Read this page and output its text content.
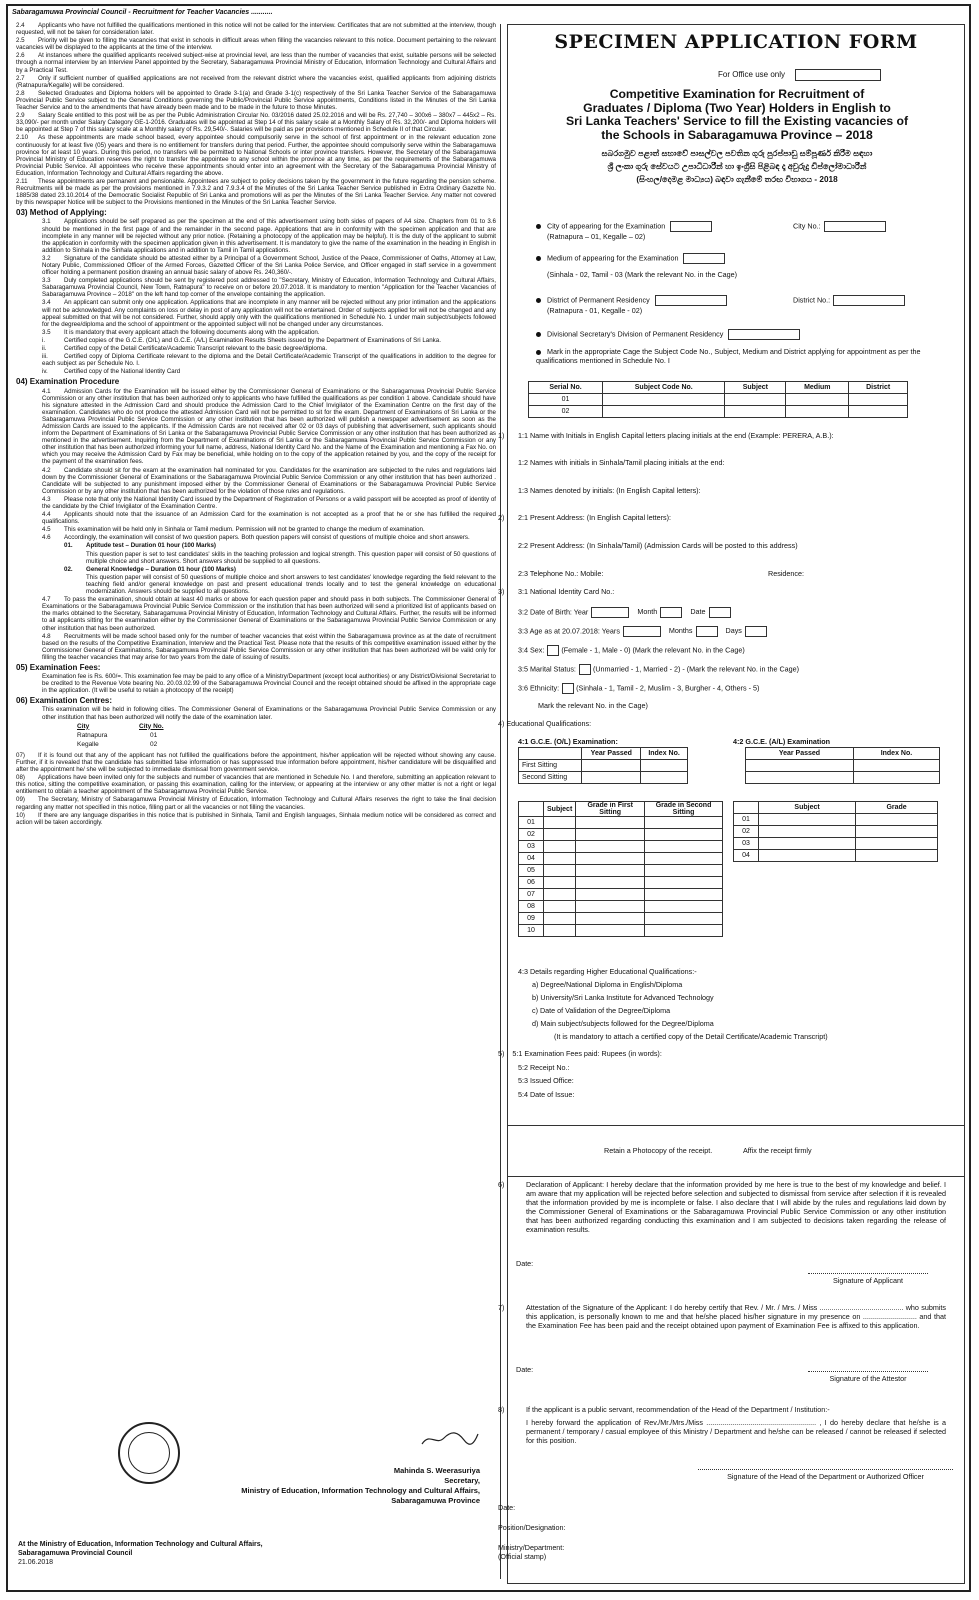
Sabaragamuwa Provincial Council - Recruitment for Teacher Vacancies ...........

2.4 Applicants who have not fulfilled the qualifications mentioned in this notice will not be called for the interview. Certificates that are not submitted at the interview, though requested, will not be taken for consideration later.

2.5 Priority will be given to filling the vacancies that exist in schools in difficult areas when filling the vacancies relevant to this notice. Document pertaining to the relevant vacancies will be displayed to the applicants at the time of the interview.

2.6 At instances where the qualified applicants received subject-wise at provincial level, are less than the number of vacancies that exist, suitable persons will be selected through a normal interview by an Interview Panel appointed by the Secretary, Sabaragamuwa Provincial Ministry of Education, Information Technology and Cultural Affairs and by a Practical Test.

2.7 Only if sufficient number of qualified applications are not received from the relevant district where the vacancies exist, qualified applicants from adjoining districts (Ratnapura/Kegalle) will be considered.

2.8 Selected Graduates and Diploma holders will be appointed to Grade 3-1(a) and Grade 3-1(c) respectively of the Sri Lanka Teacher Service of the Sabaragamuwa Provincial Public Service subject to the General Conditions governing the Public/Provincial Public Service appointments, Conditions listed in the Minutes of the Sri Lanka Teacher Service and to the amendments that have already been made and to be made in the future to those Minutes.

2.9 Salary Scale entitled to this post will be as per the Public Administration Circular No. 03/2016 dated 25.02.2016 and will be Rs. 27,740 – 300x6 – 380x7 – 445x2 – Rs. 33,090/- per month under Salary Category GE-1-2016. Graduates will be appointed at Step 14 of this salary scale at a Monthly Salary of Rs. 32,200/- and Diploma holders will be appointed at Step 7 of this salary scale at a Monthly salary of Rs. 29,540/-. Salaries will be paid as per provisions mentioned in Schedule II of that Circular.

2.10 As these appointments are made school based, every appointee should compulsorily serve in the school of first appointment or in the relevant education zone continuously for at least five (05) years and there is no entitlement for transfers during that period. Further, the appointee should compulsorily serve within the Sabaragamuwa province for at least 10 years. During this period, no transfers will be permitted to National Schools or inter province transfers. However, the Secretary of the Sabaragamuwa Provincial Ministry of Education reserves the right to transfer the appointee to any school within the province at any time, as per the requirements of the Sabaragamuwa Provincial Public Service. All appointees who receive these appointments should enter into an agreement with the Secretary of the Sabaragamuwa Provincial Ministry of Education, Information Technology and Cultural Affairs regarding the above.

2.11 These appointments are permanent and pensionable. Appointees are subject to policy decisions taken by the government in the future regarding the pension scheme. Recruitments will be made as per the provisions mentioned in 7.9.3.2 and 7.9.3.4 of the Minutes of the Sri Lanka Teacher Service published in Extra Ordinary Gazette No. 1885/38 dated 23.10.2014 of the Democratic Socialist Republic of Sri Lanka and promotions will as per the Minutes of the Sri Lanka Teacher Service. Any matter not covered by this newspaper Notice will be subject to the Provisions mentioned in the Minutes of the Sri Lanka Teacher Service.

03) Method of Applying:

3.1 Applications should be self prepared as per the specimen at the end of this advertisement using both sides of papers of A4 size. Chapters from 01 to 3.6 should be mentioned in the first page of and the remainder in the second page. Applications that are in conformity with the specimen application and that are incomplete in any manner will be rejected without any prior notice. (Retaining a photocopy of the application may be helpful). It is the duty of the applicant to submit the application in conformity with the specimen application given in this advertisement. It is mandatory to give the name of the examination in the heading in English in addition to Sinhala in the Sinhala applications and in addition to Tamil in Tamil applications.

3.2 Signature of the candidate should be attested either by a Principal of a Government School, Justice of the Peace, Commissioner of Oaths, Attorney at Law, Notary Public, Commissioned Officer of the Armed Forces, Gazetted Officer of the Sri Lanka Police Service, and Officer engaged in staff service in a government officer holding a permanent position drawing an annual basic salary of above Rs. 240,360/-.

3.3 Duly completed applications should be sent by registered post addressed to "Secretary, Ministry of Education, Information Technology and Cultural Affairs, Sabaragamuwa Provincial Council, New Town, Ratnapura" to receive on or before 20.07.2018. It is mandatory to mention "Application for the Teacher Vacancies of Sabaragamuwa Province – 2018" on the left hand top corner of the envelope containing the application.

3.4 An applicant can submit only one application. Applications that are incomplete in any manner will be rejected without any prior intimation and the applications will not be acknowledged. Any complaints on loss or delay in post of any application will not be entertained. Order of subjects applied for will not be changed and any appeal submitted on that will be not considered. Further, should apply only with the qualifications mentioned in Schedule No. 1 under main subject/subjects followed for the degree/diploma and the school of appointment or the appointed subject will not be changed under any circumstances.

3.5 It is mandatory that every applicant attach the following documents along with the application.

i.	Certified copies of the G.C.E. (O/L) and G.C.E. (A/L) Examination Results Sheets issued by the Department of Examinations of Sri Lanka.

ii.	Certified copy of the Detail Certificate/Academic Transcript relevant to the basic degree/diploma.

iii.	Certified copy of Diploma Certificate relevant to the diploma and the Detail Certificate/Academic Transcript of the qualifications in addition to the degree for each subject as per Schedule No. I.

iv.	Certified copy of the National Identity Card

04) Examination Procedure

4.1 Admission Cards for the Examination will be issued either by the Commissioner General of Examinations or the Sabaragamuwa Provincial Public Service Commission or any other institution that has been authorized only to applicants who have fulfilled the qualifications as per condition 1 above. Candidate should have his signature attested in the Admission Card and should produce the Admission Card to the Chief Invigilator of the Examination Centre on the first day of the examination. Candidates who do not produce the attested Admission Card will not be permitted to sit for the exam. Department of Examinations of Sri Lanka or the Sabaragamuwa Provincial Public Service Commission or any other institution that has been authorized will publish a newspaper advertisement as soon as the Admission Cards are issued to the applicants. If the Admission Cards are not received after 02 or 03 days of publishing that advertisement, such applicants should inform the Department of Examinations of Sri Lanka or the Sabaragamuwa Provincial Public Service Commission or any other institution that has been authorized as mentioned in the advertisement. Inquiring from the Department of Examinations of Sri Lanka or the Sabaragamuwa Provincial Public Service Commission or any other institution that has been authorized informing your full name, address, National Identity Card No. and the Name of the Examination and mentioning a Fax No. on which you may receive the Admission Card by Fax may be beneficial, while holding on to the copy of the application retained by you, and the copy of the receipt for the payment of the examination fees.

4.2 Candidate should sit for the exam at the examination hall nominated for you. Candidates for the examination are subjected to the rules and regulations laid down by the Commissioner General of Examinations or the Sabaragamuwa Provincial Public Service Commission or any other institution that has been authorized . Candidate will be subjected to any punishment imposed either by the Commissioner General of Examinations or the Sabaragamuwa Provincial Public Service Commission or by any other institution that has been authorized for the violation of those rules and regulations.

4.3 Please note that only the National Identity Card issued by the Department of Registration of Persons or a valid passport will be accepted as proof of identity of the candidate by the Chief Invigilator of the Examination Centre.

4.4 Applicants should note that the issuance of an Admission Card for the examination is not accepted as a proof that he or she has fulfilled the required qualifications.

4.5 This examination will be held only in Sinhala or Tamil medium. Permission will not be granted to change the medium of examination.

4.6 Accordingly, the examination will consist of two question papers. Both question papers will consist of questions of multiple choice and short answers.

01. Aptitude test – Duration 01 hour (100 Marks)

This question paper is set to test candidates' skills in the teaching profession and logical strength. This question paper will consist of 50 questions of multiple choice and short answers. Short answers should be supplied to all questions.

02. General Knowledge – Duration 01 hour (100 Marks)

This question paper will consist of 50 questions of multiple choice and short answers to test candidates' knowledge regarding the field relevant to the teaching field and/or general knowledge on past and present educational trends locally and to test the general knowledge on educational modernization. Answers should be supplied to all questions.

4.7 To pass the examination, should obtain at least 40 marks or above for each question paper and should pass in both subjects. The Commissioner General of Examinations or the Sabaragamuwa Provincial Public Service Commission or the institution that has been authorized will send a prioritized list of applicants based on the marks obtained to the Secretary, Sabaragamuwa Provincial Ministry of Education, Information Technology and Cultural Affairs. Further, the results will be informed to all applicants sitting for the examination either by the Commissioner General of Examinations or the Sabaragamuwa Provincial Public Service Commission or any other institution that has been authorized.

4.8 Recruitments will be made school based only for the number of teacher vacancies that exist within the Sabaragamuwa province as at the date of recruitment based on the results of the Competitive Examination, Interview and the Practical Test. Please note that the results of this competitive examination issued either by the Commissioner General of Examinations, Sabaragamuwa Provincial Public Service Commission or any other institution that has been authorized will be valid only for filling the teacher vacancies that may arise for two years from the date of issuing of results.

05) Examination Fees:

Examination fee is Rs. 600/=. This examination fee may be paid to any office of a Ministry/Department (except local authorities) or any District/Divisional Secretariat to be credited to the Revenue Vote bearing No. 20.03.02.99 of the Sabaragamuwa Provincial Council and the receipt obtained should be affixed in the appropriate cage in the application. (It will be useful to retain a photocopy of the receipt)

06) Examination Centres:

This examination will be held in following cities. The Commissioner General of Examinations or the Sabaragamuwa Provincial Public Service Commission or any other institution that has been authorized will notify the date of the examination later.

City	City No.
Ratnapura	01
Kegalle	02

07) If it is found out that any of the applicant has not fulfilled the qualifications before the appointment, his/her application will be rejected without showing any cause. Further, if it is revealed that the candidate has submitted false information or has suppressed true information before appointment, his/her candidature will be disqualified and after the appointment he/ she will be subjected to immediate dismissal from government service.

08) Applications have been invited only for the subjects and number of vacancies that are mentioned in Schedule No. I and therefore, submitting an application relevant to this notice, sitting the competitive examination, or passing this examination, calling for the interview, or appearing at the interview or any other matter is not a right or legal entitlement to obtain a teacher appointment of the Sabaragamuwa Provincial Public Service.

09) The Secretary, Ministry of Sabaragamuwa Provincial Ministry of Education, Information Technology and Cultural Affairs reserves the right to take the final decision regarding any matter not specified in this notice, filling part or all the vacancies or not filling the vacancies.

10) If there are any language disparities in this notice that is published in Sinhala, Tamil and English languages, Sinhala medium notice will be considered as correct and action will be taken accordingly.

Mahinda S. Weerasuriya
Secretary,
Ministry of Education, Information Technology and Cultural Affairs,
Sabaragamuwa Province
At the Ministry of Education, Information Technology and Cultural Affairs,
Sabaragamuwa Provincial Council
21.06.2018
SPECIMEN APPLICATION FORM
For Office use only
Competitive Examination for Recruitment of
Graduates / Diploma (Two Year) Holders in English to
Sri Lanka Teachers' Service to fill the Existing vacancies of
the Schools in Sabaragamuwa Province – 2018
සබරගමුව පළාත් සභාවේ පාසල්වල පවතින ගුරු පුරප්පාඩු සම්පූර්ණ කිරීම සඳහා
ශ්‍රී ලංකා ගුරු සේවයට උපාධිධාරීන් හා ඉංග්‍රීසි පිළිබඳ දෑ අවුරුදු ඩිප්ලෝමාධාරීන්
(සිංහල/දෙමළ මාධ්‍යය) බඳවා ගැනීමේ තරඟ විභාගය - 2018
City of appearing for the Examination
(Ratnapura – 01, Kegalle – 02)
City No.:
Medium of appearing for the Examination
(Sinhala - 02, Tamil - 03 (Mark the relevant No. in the Cage)
District of Permanent Residency
(Ratnapura - 01, Kegalle - 02)
District No.:
Divisional Secretary's Division of Permanent Residency
Mark in the appropriate Cage the Subject Code No., Subject, Medium and District applying for appointment as per the qualifications mentioned in Schedule No. I
Serial No.	Subject Code No.	Subject	Medium	District
01				
02				
1) 1:1 Name with Initials in English Capital letters placing initials at the end (Example: PERERA, A.B.):
1:2 Names with initials in Sinhala/Tamil placing initials at the end:
1:3 Names denoted by initials: (In English Capital letters):
2) 2:1 Present Address: (In English Capital letters):
2:2 Present Address: (In Sinhala/Tamil) (Admission Cards will be posted to this address)
2:3 Telephone No.: Mobile:	Residence:
3) 3:1 National Identity Card No.:
3:2 Date of Birth: Year	Month	Date
3:3 Age as at 20.07.2018: Years	Months	Days
3:4 Sex: (Female - 1, Male - 0) (Mark the relevant No. in the Cage)
3:5 Marital Status: (Unmarried - 1, Married - 2) - (Mark the relevant No. in the Cage)
3:6 Ethnicity: (Sinhala - 1, Tamil - 2, Muslim - 3, Burgher - 4, Others - 5)
Mark the relevant No. in the Cage)
4) Educational Qualifications:
4:1 G.C.E. (O/L) Examination:	4:2 G.C.E. (A/L) Examination
	Year Passed	Index No.
First Sitting		
Second Sitting		
Year Passed	Index No.

	Subject	Grade in First Sitting	Grade in Second Sitting
01			
02			
03			
04			
05			
06			
07			
08			
09			
10			
	Subject	Grade
01		
02		
03		
04		
4:3 Details regarding Higher Educational Qualifications:-
a) Degree/National Diploma in English/Diploma
b) University/Sri Lanka Institute for Advanced Technology
c) Date of Validation of the Degree/Diploma
d) Main subject/subjects followed for the Degree/Diploma
(It is mandatory to attach a certified copy of the Detail Certificate/Academic Transcript)
5) 5:1 Examination Fees paid: Rupees (in words):
5:2 Receipt No.:
5:3 Issued Office:
5:4 Date of Issue:
Retain a Photocopy of the receipt.	Affix the receipt firmly
6)	Declaration of Applicant: I hereby declare that the information provided by me here is true to the best of my knowledge and belief. I am aware that my application will be rejected before selection and subjected to dismissal from service after selection if it is revealed that the information provided by me is incomplete or false. I also declare that I will abide by the rules and regulations laid down by the Commissioner General of Examinations or the Sabaragamuwa Provincial Public Service Commission or any other institution that has been authorized regarding conducting this examination and I am subjected to decisions taken regarding the release of examination results.
Date:
Signature of Applicant
7)	Attestation of the Signature of the Applicant: I do hereby certify that Rev. / Mr. / Mrs. / Miss .......................................... who submits this application, is personally known to me and that he/she placed his/her signature in my presence on ........................... and that the Examination Fee has been paid and the receipt obtained upon payment of Examination Fee is affixed to this application.
Date:
Signature of the Attestor
8)	If the applicant is a public servant, recommendation of the Head of the Department / Institution:-
I hereby forward the application of Rev./Mr./Mrs./Miss ....................................................... , I do hereby declare that he/she is a permanent / temporary / casual employee of this Ministry / Department and he/she can be released / cannot be released if selected for this position.
Signature of the Head of the Department or Authorized Officer
Date:
Position/Designation:
Ministry/Department:
(Official stamp)
